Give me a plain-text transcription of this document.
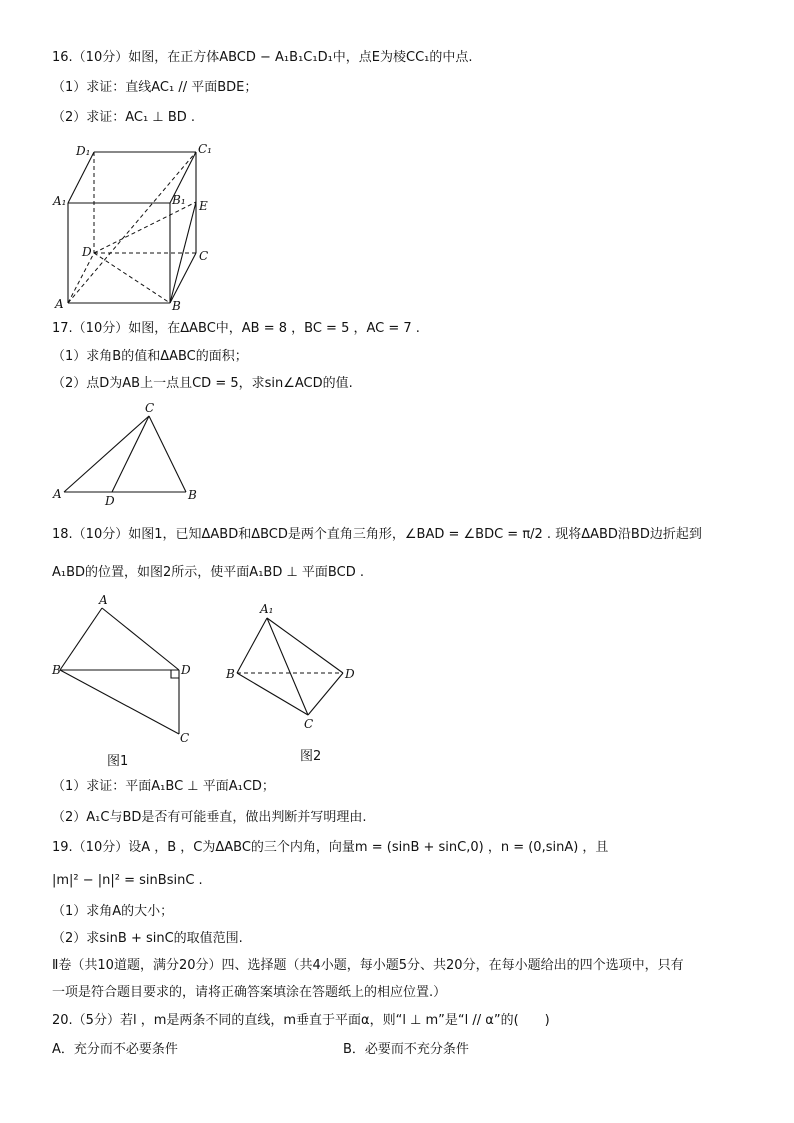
16.（10分）如图，在正方体ABCD − A₁B₁C₁D₁中，点E为棱CC₁的中点.
（1）求证：直线AC₁ // 平面BDE；
（2）求证：AC₁ ⊥ BD .
D₁	C₁
A₁	B₁ E
D	C
A	B
17.（10分）如图，在ΔABC中，AB = 8 ，BC = 5 ，AC = 7 .
（1）求角B的值和ΔABC的面积；
（2）点D为AB上一点且CD = 5，求sin∠ACD的值.
C
A	D	B
18.（10分）如图1，已知ΔABD和ΔBCD是两个直角三角形，∠BAD = ∠BDC = π/2 . 现将ΔABD沿BD边折起到
A₁BD的位置，如图2所示，使平面A₁BD ⊥ 平面BCD .
A
B	D
C
图1
A₁
B	D
C
图2
（1）求证：平面A₁BC ⊥ 平面A₁CD；
（2）A₁C与BD是否有可能垂直，做出判断并写明理由.
19.（10分）设A ，B ，C为ΔABC的三个内角，向量m = (sinB + sinC,0) ，n = (0,sinA) ，且
|m|² − |n|² = sinBsinC .
（1）求角A的大小；
（2）求sinB + sinC的取值范围.
Ⅱ卷（共10道题，满分20分）四、选择题（共4小题，每小题5分、共20分，在每小题给出的四个选项中，只有
一项是符合题目要求的，请将正确答案填涂在答题纸上的相应位置.）
20.（5分）若l ，m是两条不同的直线，m垂直于平面α，则“l ⊥ m”是“l // α”的(　　)
A．充分而不必要条件	B．必要而不充分条件
